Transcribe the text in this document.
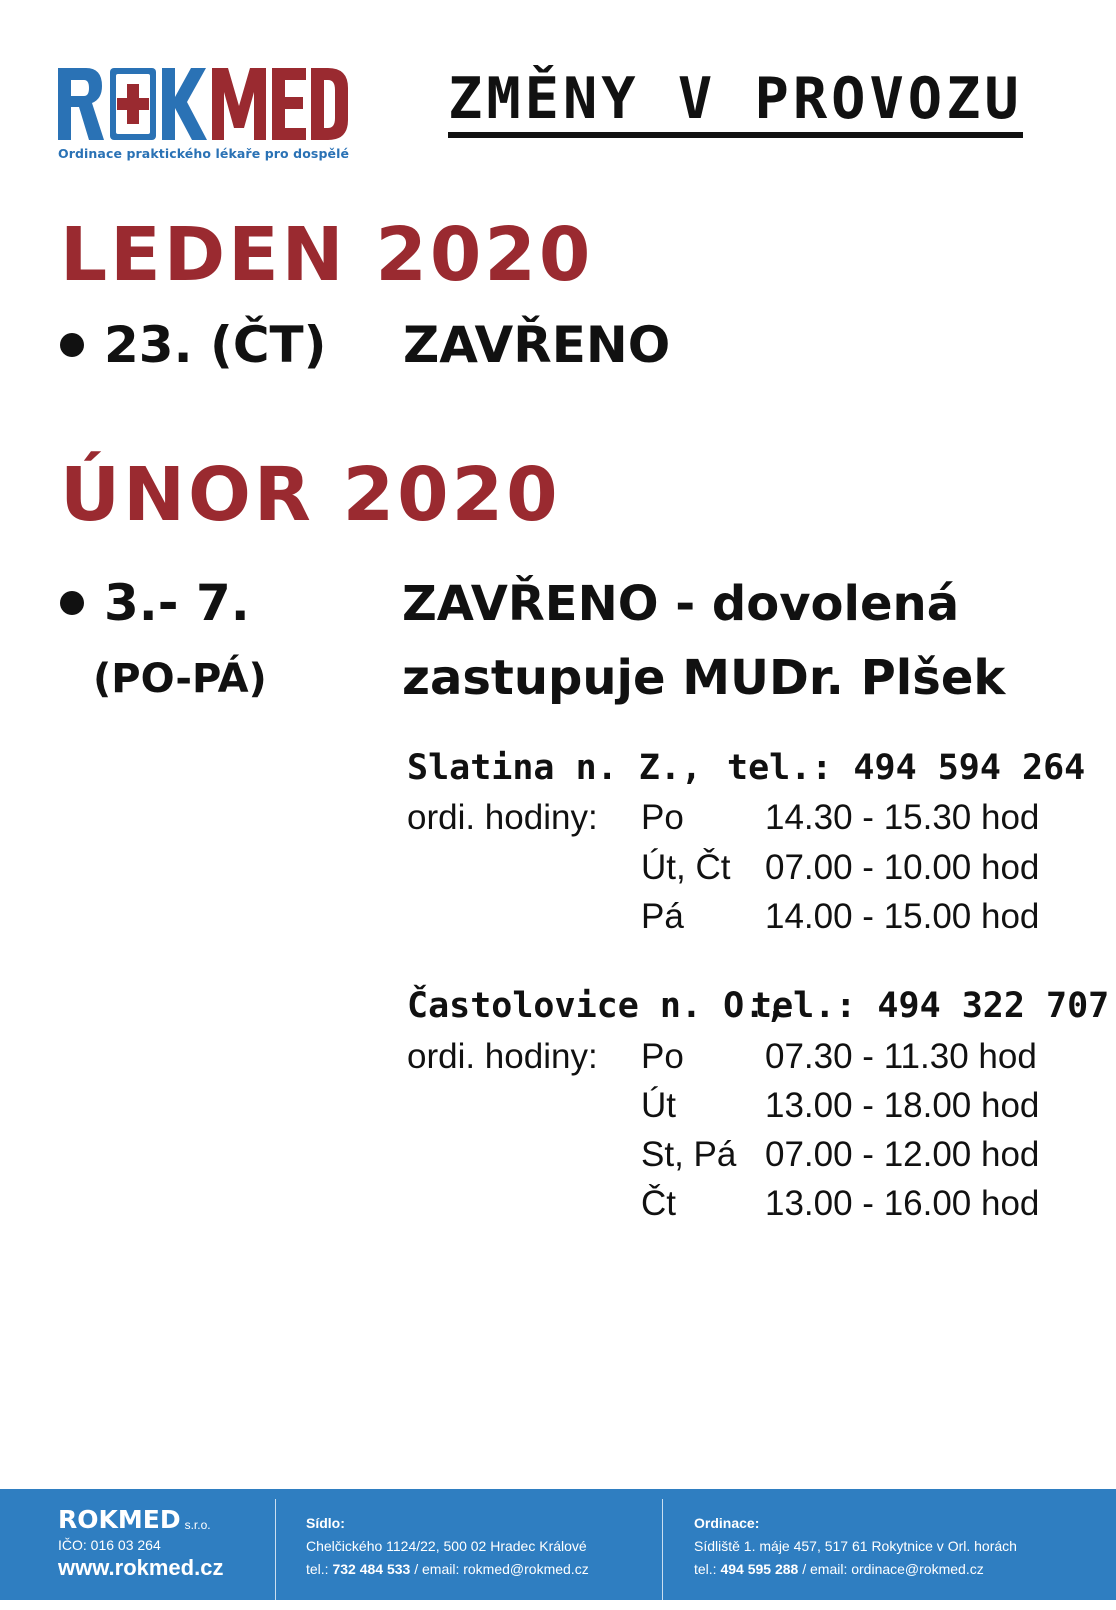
Ordinace praktického lékaře pro dospělé
ZMĚNY V PROVOZU
LEDEN 2020
23. (ČT) ZAVŘENO
ÚNOR 2020
3.- 7.
(PO-PÁ)
ZAVŘENO - dovolená
zastupuje MUDr. Plšek
Slatina n. Z., tel.: 494 594 264
ordi. hodiny: Po 14.30 - 15.30 hod
Út, Čt 07.00 - 10.00 hod
Pá 14.00 - 15.00 hod
Častolovice n. O.,
tel.: 494 322 707
ordi. hodiny: Po 07.30 - 11.30 hod
Út	13.00 - 18.00 hod
St, Pá 07.00 - 12.00 hod
Čt	13.00 - 16.00 hod
ROKMED s.r.o.
IČO: 016 03 264
www.rokmed.cz
Sídlo:
Chelčického 1124/22, 500 02 Hradec Králové
tel.: 732 484 533 / email: rokmed@rokmed.cz
Ordinace:
Sídliště 1. máje 457, 517 61 Rokytnice v Orl. horách
tel.: 494 595 288 / email: ordinace@rokmed.cz
